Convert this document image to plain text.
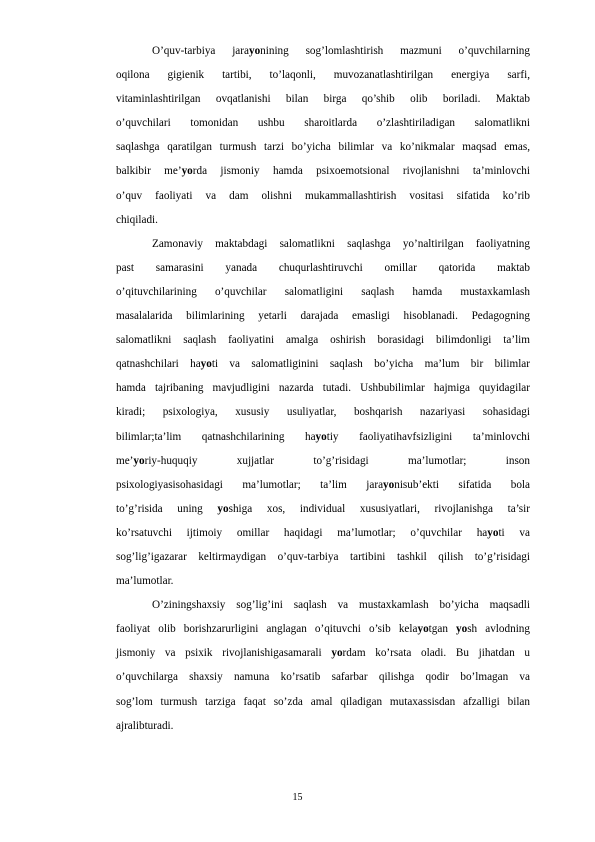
O’quv-tarbiya jarayonining sog’lomlashtirish mazmuni o’quvchilarning
oqilona gigienik tartibi, to’laqonli, muvozanatlashtirilgan energiya sarfi,
vitaminlashtirilgan ovqatlanishi bilan birga qo’shib olib boriladi. Maktab
o’quvchilari tomonidan ushbu sharoitlarda o’zlashtiriladigan salomatlikni
saqlashga qaratilgan turmush tarzi bo’yicha bilimlar va ko’nikmalar maqsad emas,
balkibir me’yorda jismoniy hamda psixoemotsional rivojlanishni ta’minlovchi
o’quv faoliyati va dam olishni mukammallashtirish vositasi sifatida ko’rib
chiqiladi.
Zamonaviy maktabdagi salomatlikni saqlashga yo’naltirilgan faoliyatning
past samarasini yanada chuqurlashtiruvchi omillar qatorida maktab
o’qituvchilarining o’quvchilar salomatligini saqlash hamda mustaxkamlash
masalalarida bilimlarining yetarli darajada emasligi hisoblanadi. Pedagogning
salomatlikni saqlash faoliyatini amalga oshirish borasidagi bilimdonligi ta’lim
qatnashchilari hayoti va salomatliginini saqlash bo’yicha ma’lum bir bilimlar
hamda tajribaning mavjudligini nazarda tutadi. Ushbubilimlar hajmiga quyidagilar
kiradi; psixologiya, xususiy usuliyatlar, boshqarish nazariyasi sohasidagi
bilimlar;ta’lim qatnashchilarining hayotiy faoliyatihavfsizligini ta’minlovchi
me’yoriy-huquqiy xujjatlar to’g’risidagi ma’lumotlar; inson
psixologiyasisohasidagi ma’lumotlar; ta’lim jarayonisub’ekti sifatida bola
to’g’risida uning yoshiga xos, individual xususiyatlari, rivojlanishga ta’sir
ko’rsatuvchi ijtimoiy omillar haqidagi ma’lumotlar; o’quvchilar hayoti va
sog’lig’igazarar keltirmaydigan o’quv-tarbiya tartibini tashkil qilish to’g’risidagi
ma’lumotlar.
O’ziningshaxsiy sog’lig’ini saqlash va mustaxkamlash bo’yicha maqsadli
faoliyat olib borishzarurligini anglagan o’qituvchi o’sib kelayotgan yosh avlodning
jismoniy va psixik rivojlanishigasamarali yordam ko’rsata oladi. Bu jihatdan u
o’quvchilarga shaxsiy namuna ko’rsatib safarbar qilishga qodir bo’lmagan va
sog’lom turmush tarziga faqat so’zda amal qiladigan mutaxassisdan afzalligi bilan
ajralibturadi.
15
